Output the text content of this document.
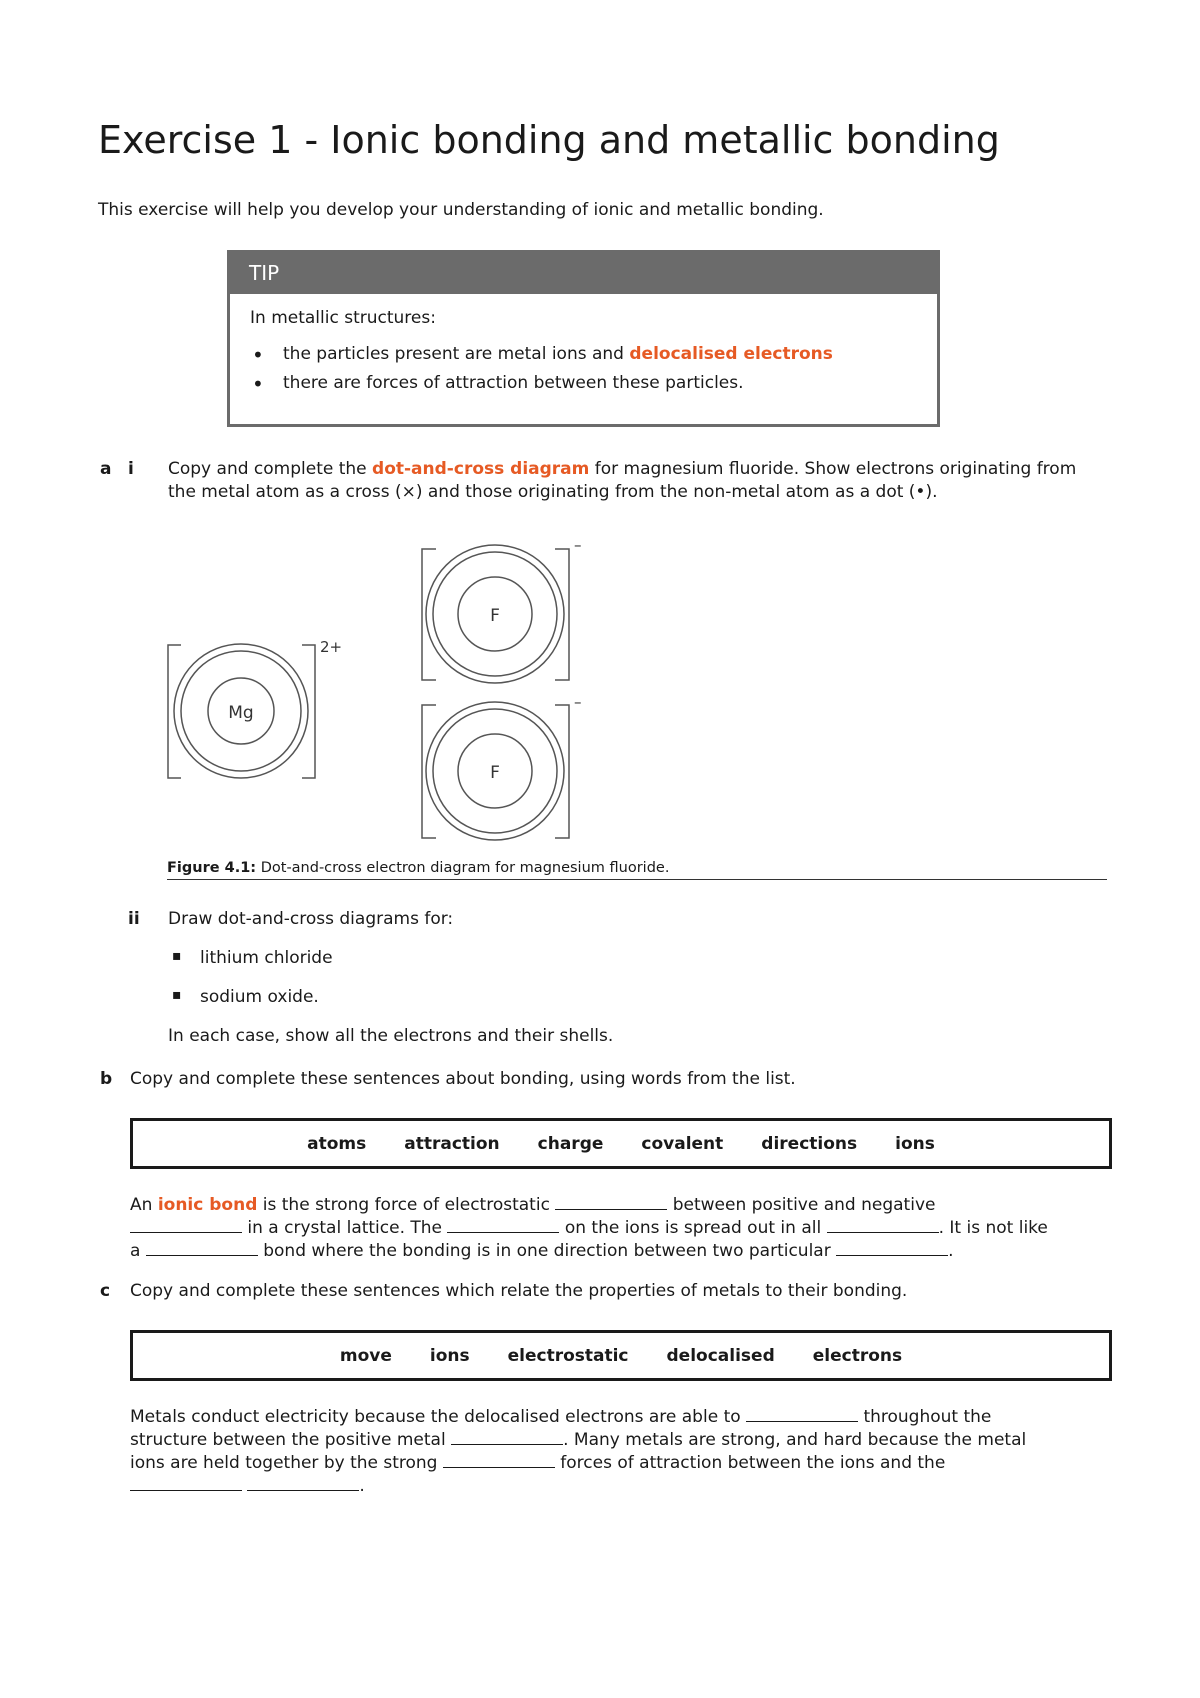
Exercise 1 - Ionic bonding and metallic bonding
This exercise will help you develop your understanding of ionic and metallic bonding.
TIP

In metallic structures:

• the particles present are metal ions and delocalised electrons
• there are forces of attraction between these particles.
a i Copy and complete the dot-and-cross diagram for magnesium fluoride. Show electrons originating from the metal atom as a cross (×) and those originating from the non-metal atom as a dot (•).
Mg
2+
F
–
F
–
Figure 4.1: Dot-and-cross electron diagram for magnesium fluoride.
ii Draw dot-and-cross diagrams for:
▪ lithium chloride
▪ sodium oxide.
In each case, show all the electrons and their shells.
b Copy and complete these sentences about bonding, using words from the list.
atoms attraction charge covalent directions ions
An ionic bond is the strong force of electrostatic	between positive and negative
in a crystal lattice. The	on the ions is spread out in all	. It is not like
a	bond where the bonding is in one direction between two particular	.
c Copy and complete these sentences which relate the properties of metals to their bonding.
move ions electrostatic delocalised electrons
Metals conduct electricity because the delocalised electrons are able to	throughout the
structure between the positive metal	. Many metals are strong, and hard because the metal
ions are held together by the strong	forces of attraction between the ions and the
.
